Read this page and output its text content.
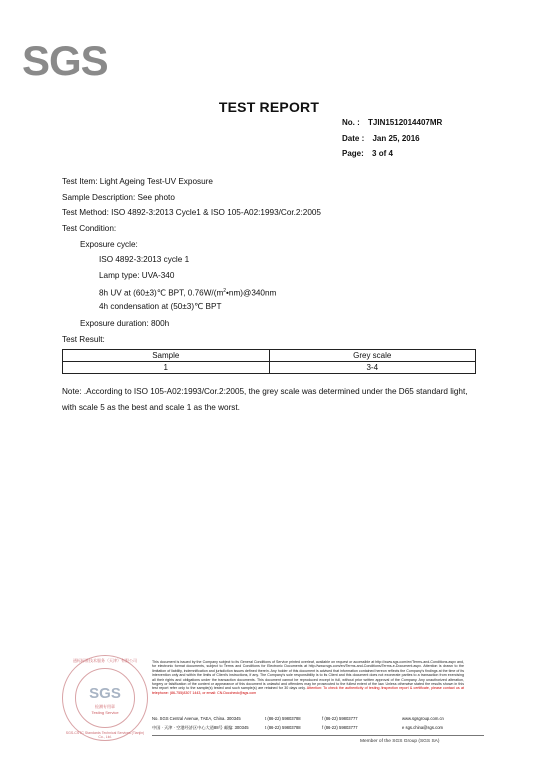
SGS
TEST REPORT
No. : TJIN1512014407MR
Date : Jan 25, 2016
Page: 3 of 4
Test Item: Light Ageing Test-UV Exposure
Sample Description: See photo
Test Method: ISO 4892-3:2013 Cycle1 & ISO 105-A02:1993/Cor.2:2005
Test Condition:
Exposure cycle:
ISO 4892-3:2013 cycle 1
Lamp type: UVA-340
8h UV at (60±3)℃ BPT, $0.76W/(m^2•nm)@340nm$
4h condensation at (50±3)℃ BPT
Exposure duration: 800h
Test Result:
Sample	Grey scale
1	3-4
Note: .According to ISO 105-A02:1993/Cor.2:2005, the grey scale was determined under the D65 standard light, with scale 5 as the best and scale 1 as the worst.
通标标准技术服务（天津）有限公司
SGS
检测专用章
Testing Service
SGS-CSTC Standards Technical Services (Tianjin) Co., Ltd.
This document is issued by the Company subject to its General Conditions of Service printed overleaf, available on request or accessible at http://www.sgs.com/en/Terms-and-Conditions.aspx and, for electronic format documents, subject to Terms and Conditions for Electronic Documents at http://www.sgs.com/en/Terms-and-Conditions/Terms-e-Document.aspx. Attention is drawn to the limitation of liability, indemnification and jurisdiction issues defined therein. Any holder of this document is advised that information contained hereon reflects the Company's findings at the time of its intervention only and within the limits of Client's instructions, if any. The Company's sole responsibility is to its Client and this document does not exonerate parties to a transaction from exercising all their rights and obligations under the transaction documents. This document cannot be reproduced except in full, without prior written approval of the Company. Any unauthorized alteration, forgery or falsification of the content or appearance of this document is unlawful and offenders may be prosecuted to the fullest extent of the law. Unless otherwise stated the results shown in this test report refer only to the sample(s) tested and such sample(s) are retained for 30 days only. Attention: To check the authenticity of testing /inspection report & certificate, please contact us at telephone: (86-755)8307 1443, or email: CN.Doccheck@sgs.com
No. SGS Central Avenue, TAEA, China. 300345	t (86-22) 59803788	f (86-22) 59803777	www.sgsgroup.com.cn
中国 · 天津 · 空港经济区中心大道88号 邮编: 300345	t (86-22) 59803788	f (86-22) 59803777	e sgs.china@sgs.com
Member of the SGS Group (SGS SA)
